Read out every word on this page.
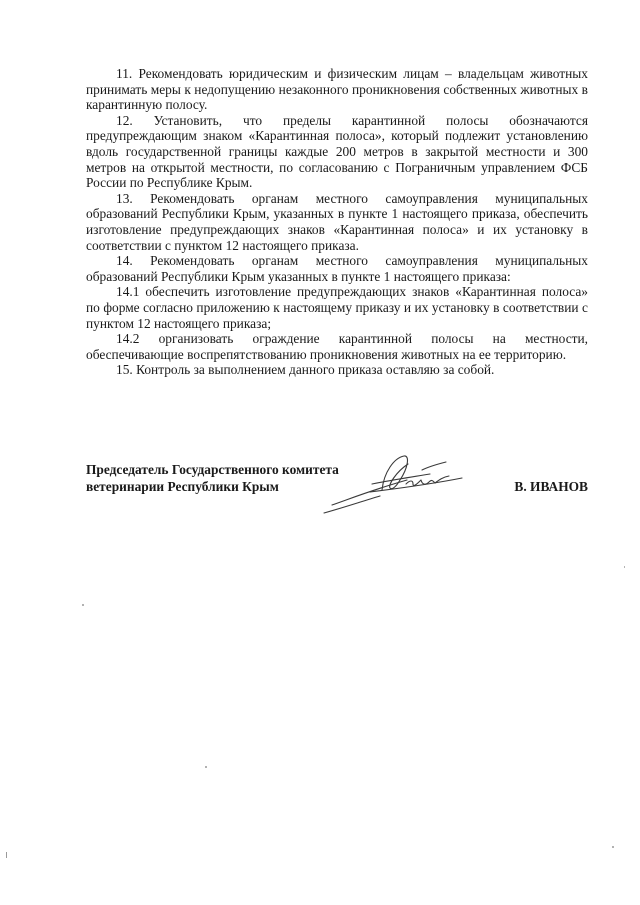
11. Рекомендовать юридическим и физическим лицам – владельцам животных принимать меры к недопущению незаконного проникновения собственных животных в карантинную полосу.

12. Установить, что пределы карантинной полосы обозначаются предупреждающим знаком «Карантинная полоса», который подлежит установлению вдоль государственной границы каждые 200 метров в закрытой местности и 300 метров на открытой местности, по согласованию с Пограничным управлением ФСБ России по Республике Крым.

13. Рекомендовать органам местного самоуправления муниципальных образований Республики Крым, указанных в пункте 1 настоящего приказа, обеспечить изготовление предупреждающих знаков «Карантинная полоса» и их установку в соответствии с пунктом 12 настоящего приказа.

14. Рекомендовать органам местного самоуправления муниципальных образований Республики Крым указанных в пункте 1 настоящего приказа:

14.1 обеспечить изготовление предупреждающих знаков «Карантинная полоса» по форме согласно приложению к настоящему приказу и их установку в соответствии с пунктом 12 настоящего приказа;

14.2 организовать ограждение карантинной полосы на местности, обеспечивающие воспрепятствованию проникновения животных на ее территорию.

15. Контроль за выполнением данного приказа оставляю за собой.

Председатель Государственного комитета
ветеринарии Республики Крым	В. ИВАНОВ
